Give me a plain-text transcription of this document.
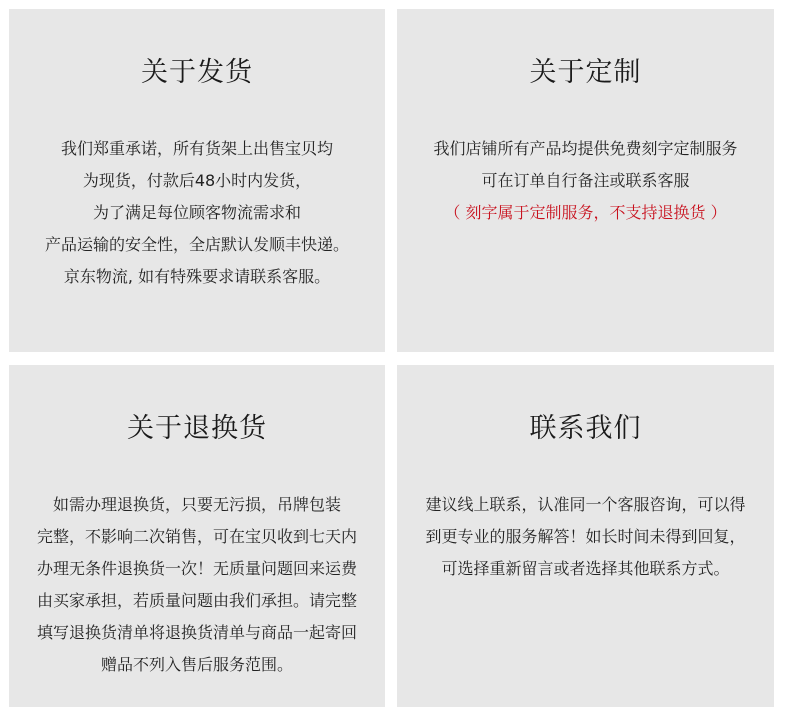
关于发货
我们郑重承诺，所有货架上出售宝贝均
为现货，付款后48小时内发货，
为了满足每位顾客物流需求和
产品运输的安全性，全店默认发顺丰快递。
京东物流, 如有特殊要求请联系客服。
关于定制
我们店铺所有产品均提供免费刻字定制服务
可在订单自行备注或联系客服
（ 刻字属于定制服务，不支持退换货 ）
关于退换货
如需办理退换货，只要无污损，吊牌包装
完整，不影响二次销售，可在宝贝收到七天内
办理无条件退换货一次！无质量问题回来运费
由买家承担，若质量问题由我们承担。请完整
填写退换货清单将退换货清单与商品一起寄回
赠品不列入售后服务范围。
联系我们
建议线上联系，认准同一个客服咨询，可以得
到更专业的服务解答！如长时间未得到回复，
可选择重新留言或者选择其他联系方式。
